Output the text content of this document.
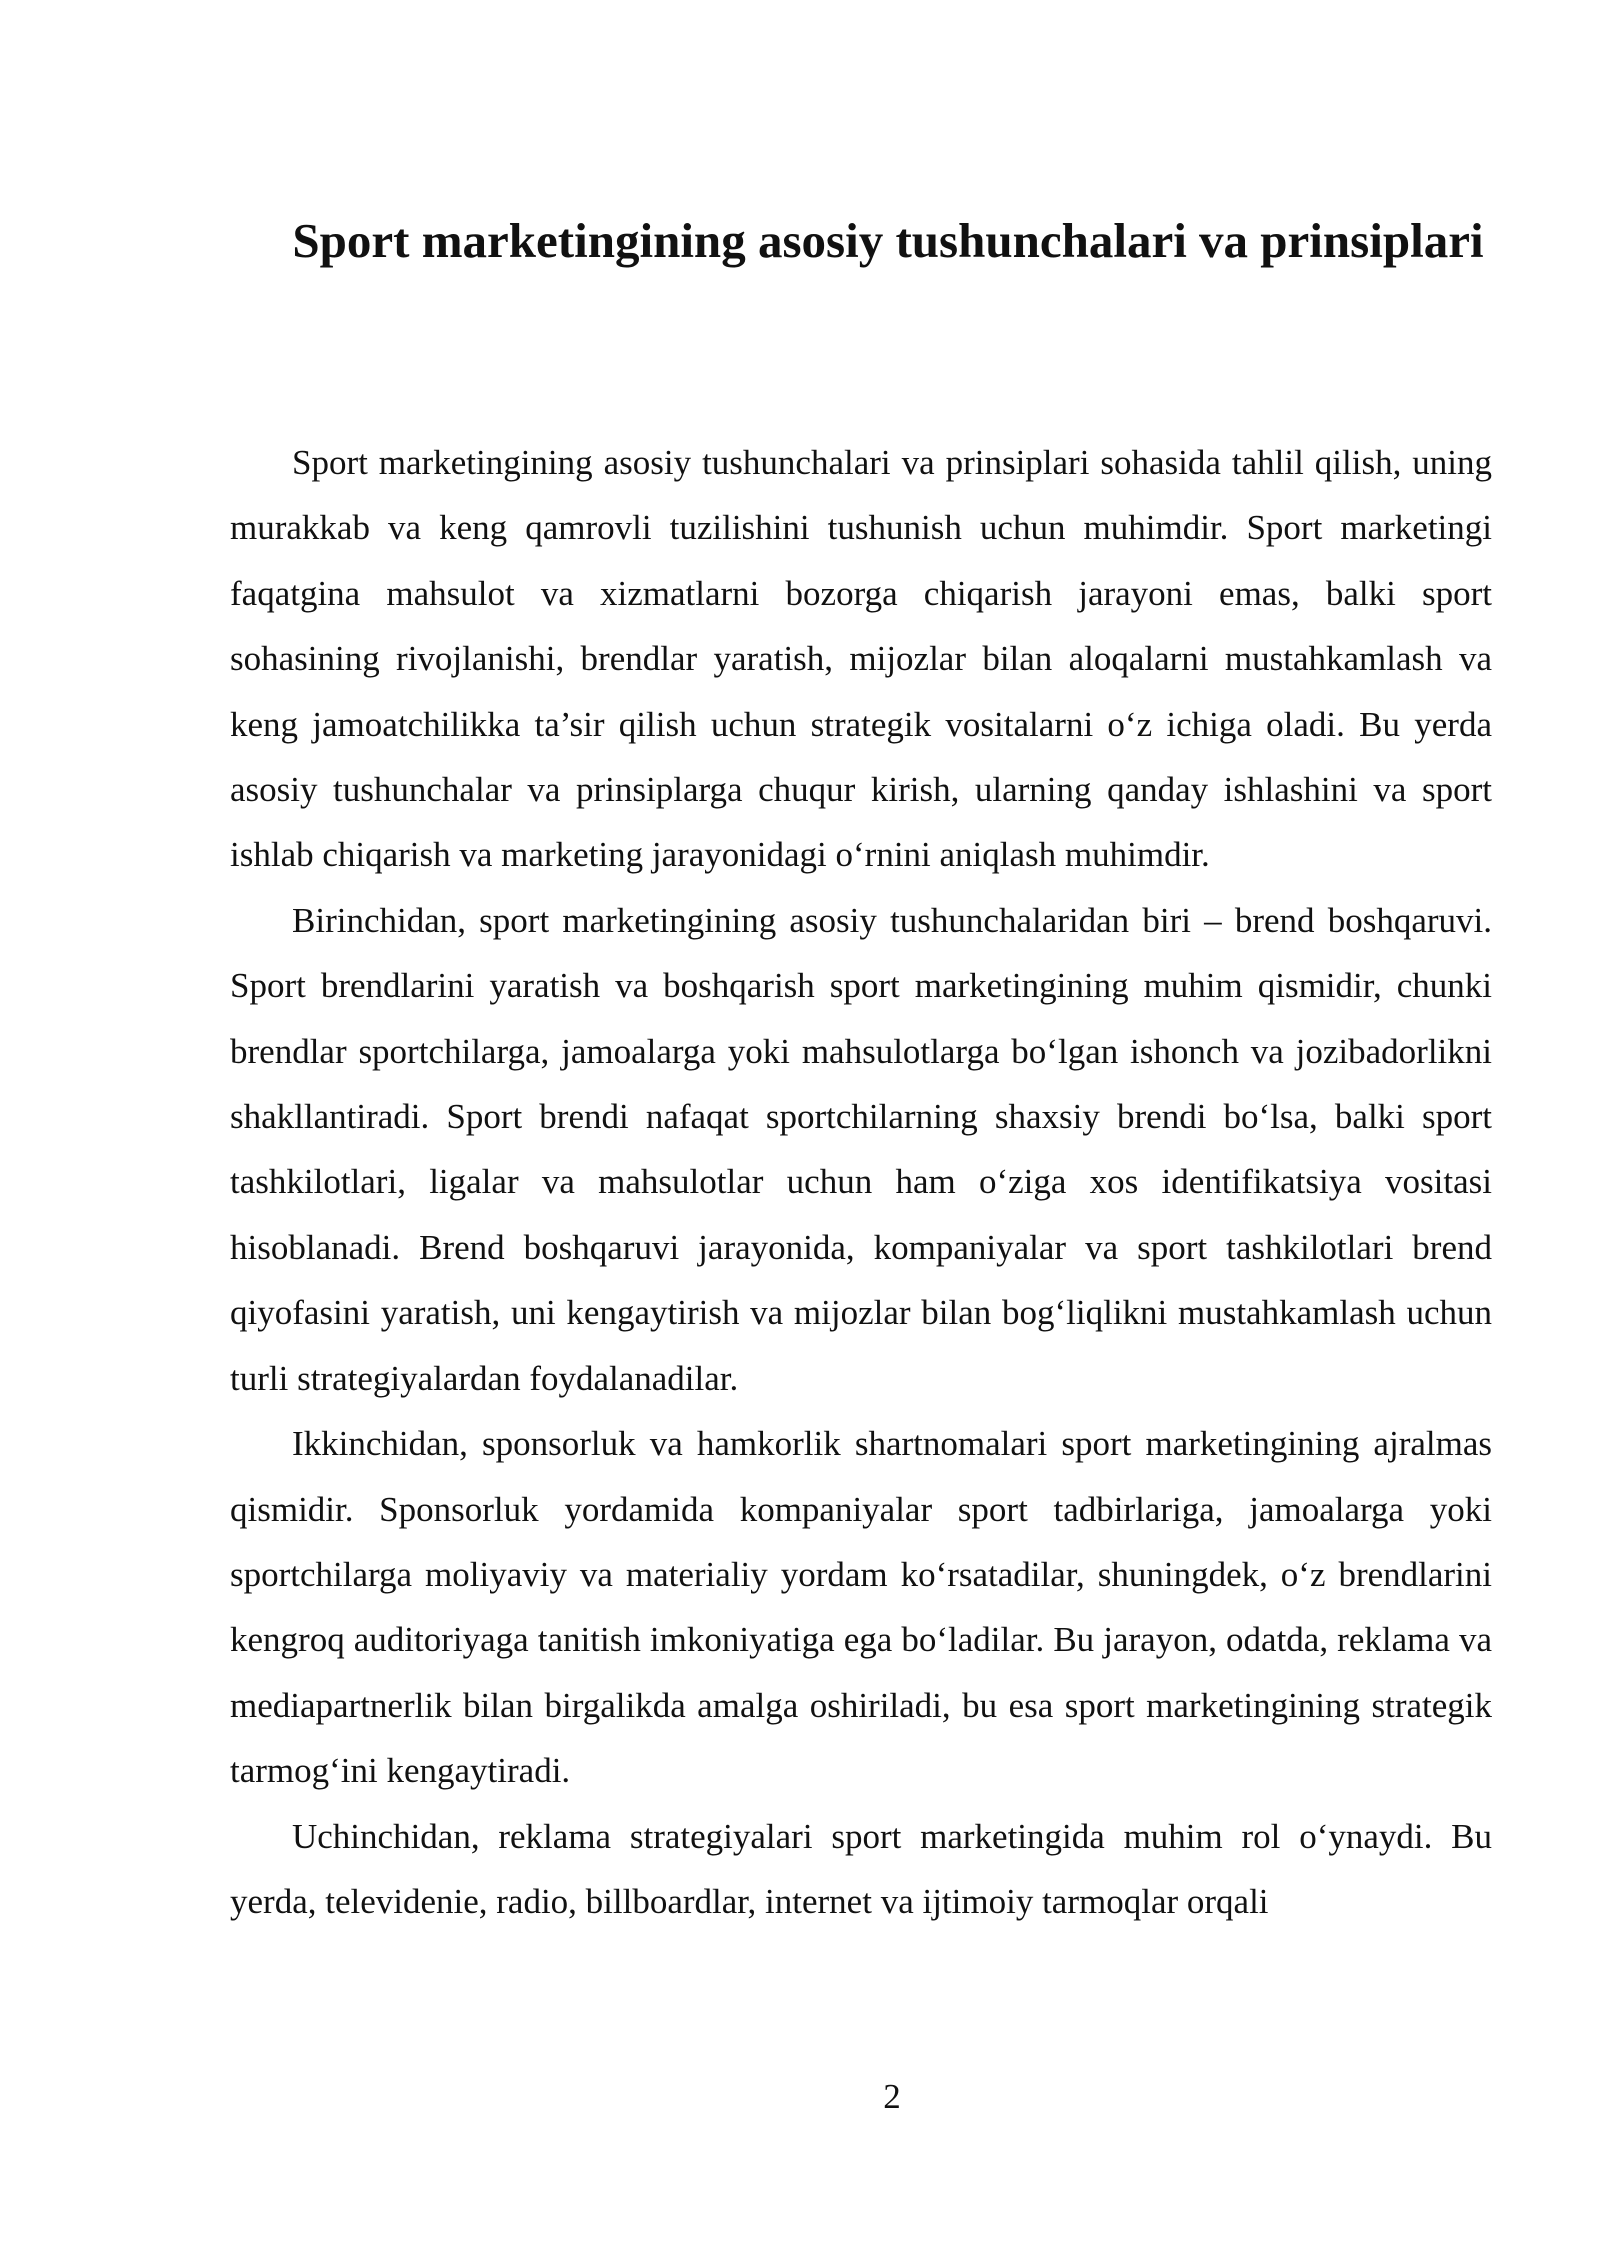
Sport marketingining asosiy tushunchalari va prinsiplari

Sport marketingining asosiy tushunchalari va prinsiplari sohasida tahlil qilish, uning murakkab va keng qamrovli tuzilishini tushunish uchun muhimdir. Sport marketingi faqatgina mahsulot va xizmatlarni bozorga chiqarish jarayoni emas, balki sport sohasining rivojlanishi, brendlar yaratish, mijozlar bilan aloqalarni mustahkamlash va keng jamoatchilikka ta’sir qilish uchun strategik vositalarni o‘z ichiga oladi. Bu yerda asosiy tushunchalar va prinsiplarga chuqur kirish, ularning qanday ishlashini va sport ishlab chiqarish va marketing jarayonidagi o‘rnini aniqlash muhimdir.

Birinchidan, sport marketingining asosiy tushunchalaridan biri – brend boshqaruvi. Sport brendlarini yaratish va boshqarish sport marketingining muhim qismidir, chunki brendlar sportchilarga, jamoalarga yoki mahsulotlarga bo‘lgan ishonch va jozibadorlikni shakllantiradi. Sport brendi nafaqat sportchilarning shaxsiy brendi bo‘lsa, balki sport tashkilotlari, ligalar va mahsulotlar uchun ham o‘ziga xos identifikatsiya vositasi hisoblanadi. Brend boshqaruvi jarayonida, kompaniyalar va sport tashkilotlari brend qiyofasini yaratish, uni kengaytirish va mijozlar bilan bog‘liqlikni mustahkamlash uchun turli strategiyalardan foydalanadilar.

Ikkinchidan, sponsorluk va hamkorlik shartnomalari sport marketingining ajralmas qismidir. Sponsorluk yordamida kompaniyalar sport tadbirlariga, jamoalarga yoki sportchilarga moliyaviy va materialiy yordam ko‘rsatadilar, shuningdek, o‘z brendlarini kengroq auditoriyaga tanitish imkoniyatiga ega bo‘ladilar. Bu jarayon, odatda, reklama va mediapartnerlik bilan birgalikda amalga oshiriladi, bu esa sport marketingining strategik tarmog‘ini kengaytiradi.

Uchinchidan, reklama strategiyalari sport marketingida muhim rol o‘ynaydi. Bu yerda, televidenie, radio, billboardlar, internet va ijtimoiy tarmoqlar orqali

2
